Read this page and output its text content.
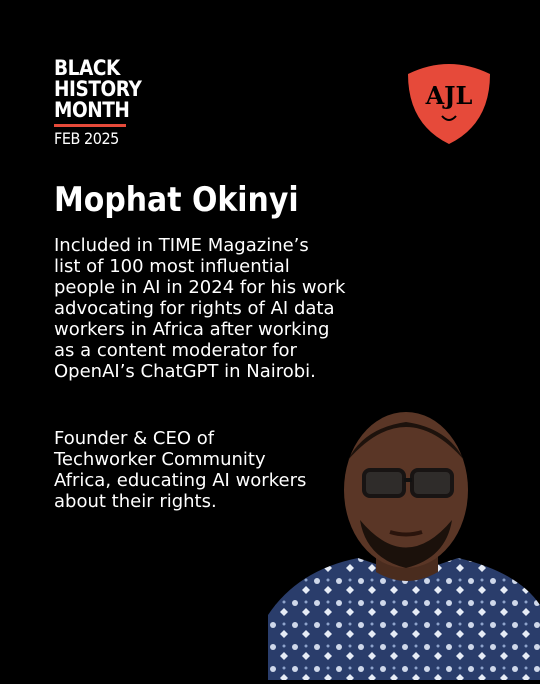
BLACK
HISTORY
MONTH
FEB 2025
AJL
Mophat Okinyi

Included in TIME Magazine’s
list of 100 most influential
people in AI in 2024 for his work
advocating for rights of AI data
workers in Africa after working
as a content moderator for
OpenAI’s ChatGPT in Nairobi.

Founder & CEO of
Techworker Community
Africa, educating AI workers
about their rights.
